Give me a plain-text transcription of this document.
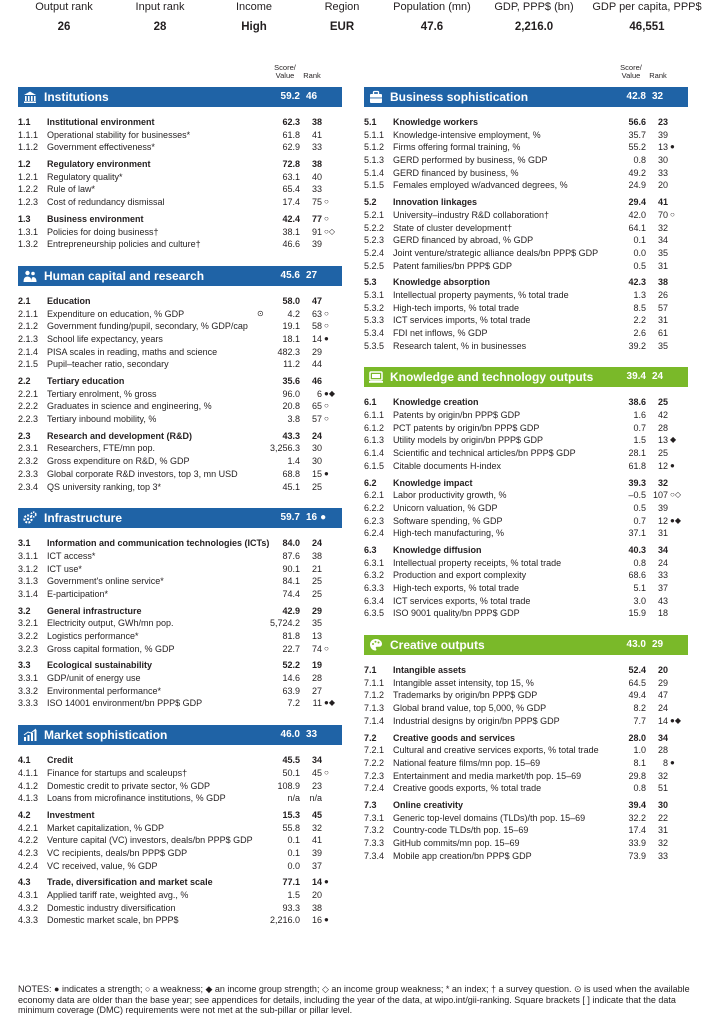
Output rank
26
Input rank
28
Income
High
Region
EUR
Population (mn)
47.6
GDP, PPP$ (bn)
2,216.0
GDP per capita, PPP$
46,551
Score/
Value	Rank
Institutions	59.2 46
1.1	Institutional environment	62.3	38
1.1.1 Operational stability for businesses*	61.8	41
1.1.2 Government effectiveness*	62.9	33
1.2	Regulatory environment	72.8	38
1.2.1 Regulatory quality*	63.1	40
1.2.2 Rule of law*	65.4	33
1.2.3 Cost of redundancy dismissal	17.4	75 ○
1.3	Business environment	42.4	77 ○
1.3.1 Policies for doing business†	38.1	91 ○◇
1.3.2 Entrepreneurship policies and culture†	46.6	39
Human capital and research	45.6 27
2.1	Education	58.0	47
2.1.1 Expenditure on education, % GDP	⊙	4.2	63 ○
2.1.2 Government funding/pupil, secondary, % GDP/cap	19.1	58 ○
2.1.3 School life expectancy, years	18.1	14 ●
2.1.4 PISA scales in reading, maths and science	482.3	29
2.1.5 Pupil–teacher ratio, secondary	11.2	44
2.2	Tertiary education	35.6	46
2.2.1 Tertiary enrolment, % gross	96.0	6 ●◆
2.2.2 Graduates in science and engineering, %	20.8	65 ○
2.2.3 Tertiary inbound mobility, %	3.8	57 ○
2.3	Research and development (R&D)	43.3	24
2.3.1 Researchers, FTE/mn pop.	3,256.3	30
2.3.2 Gross expenditure on R&D, % GDP	1.4	30
2.3.3 Global corporate R&D investors, top 3, mn USD	68.8	15 ●
2.3.4 QS university ranking, top 3*	45.1	25
Infrastructure	59.7 16 ●
3.1	Information and communication technologies (ICTs)	84.0	24
3.1.1 ICT access*	87.6	38
3.1.2 ICT use*	90.1	21
3.1.3 Government's online service*	84.1	25
3.1.4 E-participation*	74.4	25
3.2	General infrastructure	42.9	29
3.2.1 Electricity output, GWh/mn pop.	5,724.2	35
3.2.2 Logistics performance*	81.8	13
3.2.3 Gross capital formation, % GDP	22.7	74 ○
3.3	Ecological sustainability	52.2	19
3.3.1 GDP/unit of energy use	14.6	28
3.3.2 Environmental performance*	63.9	27
3.3.3 ISO 14001 environment/bn PPP$ GDP	7.2	11 ●◆
Market sophistication	46.0 33
4.1	Credit	45.5	34
4.1.1 Finance for startups and scaleups†	50.1	45 ○
4.1.2 Domestic credit to private sector, % GDP	108.9	23
4.1.3 Loans from microfinance institutions, % GDP	n/a	n/a
4.2	Investment	15.3	45
4.2.1 Market capitalization, % GDP	55.8	32
4.2.2 Venture capital (VC) investors, deals/bn PPP$ GDP	0.1	41
4.2.3 VC recipients, deals/bn PPP$ GDP	0.1	39
4.2.4 VC received, value, % GDP	0.0	37
4.3	Trade, diversification and market scale	77.1	14 ●
4.3.1 Applied tariff rate, weighted avg., %	1.5	20
4.3.2 Domestic industry diversification	93.3	38
4.3.3 Domestic market scale, bn PPP$	2,216.0	16 ●
Score/
Value	Rank
Business sophistication	42.8 32
5.1	Knowledge workers	56.6	23
5.1.1 Knowledge-intensive employment, %	35.7	39
5.1.2 Firms offering formal training, %	55.2	13 ●
5.1.3 GERD performed by business, % GDP	0.8	30
5.1.4 GERD financed by business, %	49.2	33
5.1.5 Females employed w/advanced degrees, %	24.9	20
5.2	Innovation linkages	29.4	41
5.2.1 University–industry R&D collaboration†	42.0	70 ○
5.2.2 State of cluster development†	64.1	32
5.2.3 GERD financed by abroad, % GDP	0.1	34
5.2.4 Joint venture/strategic alliance deals/bn PPP$ GDP	0.0	35
5.2.5 Patent families/bn PPP$ GDP	0.5	31
5.3	Knowledge absorption	42.3	38
5.3.1 Intellectual property payments, % total trade	1.3	26
5.3.2 High-tech imports, % total trade	8.5	57
5.3.3 ICT services imports, % total trade	2.2	31
5.3.4 FDI net inflows, % GDP	2.6	61
5.3.5 Research talent, % in businesses	39.2	35
Knowledge and technology outputs	39.4 24
6.1	Knowledge creation	38.6	25
6.1.1 Patents by origin/bn PPP$ GDP	1.6	42
6.1.2 PCT patents by origin/bn PPP$ GDP	0.7	28
6.1.3 Utility models by origin/bn PPP$ GDP	1.5	13 ◆
6.1.4 Scientific and technical articles/bn PPP$ GDP	28.1	25
6.1.5 Citable documents H-index	61.8	12 ●
6.2	Knowledge impact	39.3	32
6.2.1 Labor productivity growth, %	–0.5 107 ○◇
6.2.2 Unicorn valuation, % GDP	0.5	39
6.2.3 Software spending, % GDP	0.7	12 ●◆
6.2.4 High-tech manufacturing, %	37.1	31
6.3	Knowledge diffusion	40.3	34
6.3.1 Intellectual property receipts, % total trade	0.8	24
6.3.2 Production and export complexity	68.6	33
6.3.3 High-tech exports, % total trade	5.1	37
6.3.4 ICT services exports, % total trade	3.0	43
6.3.5 ISO 9001 quality/bn PPP$ GDP	15.9	18
Creative outputs	43.0 29
7.1	Intangible assets	52.4	20
7.1.1 Intangible asset intensity, top 15, %	64.5	29
7.1.2 Trademarks by origin/bn PPP$ GDP	49.4	47
7.1.3 Global brand value, top 5,000, % GDP	8.2	24
7.1.4 Industrial designs by origin/bn PPP$ GDP	7.7	14 ●◆
7.2	Creative goods and services	28.0	34
7.2.1 Cultural and creative services exports, % total trade	1.0	28
7.2.2 National feature films/mn pop. 15–69	8.1	8 ●
7.2.3 Entertainment and media market/th pop. 15–69	29.8	32
7.2.4 Creative goods exports, % total trade	0.8	51
7.3	Online creativity	39.4	30
7.3.1 Generic top-level domains (TLDs)/th pop. 15–69	32.2	22
7.3.2 Country-code TLDs/th pop. 15–69	17.4	31
7.3.3 GitHub commits/mn pop. 15–69	33.9	32
7.3.4 Mobile app creation/bn PPP$ GDP	73.9	33
NOTES: ● indicates a strength; ○ a weakness; ◆ an income group strength; ◇ an income group weakness; * an index; † a survey question. ⊙ is used when the available economy data are older than the base year; see appendices for details, including the year of the data, at wipo.int/gii-ranking. Square brackets [ ] indicate that the data minimum coverage (DMC) requirements were not met at the sub-pillar or pillar level.
